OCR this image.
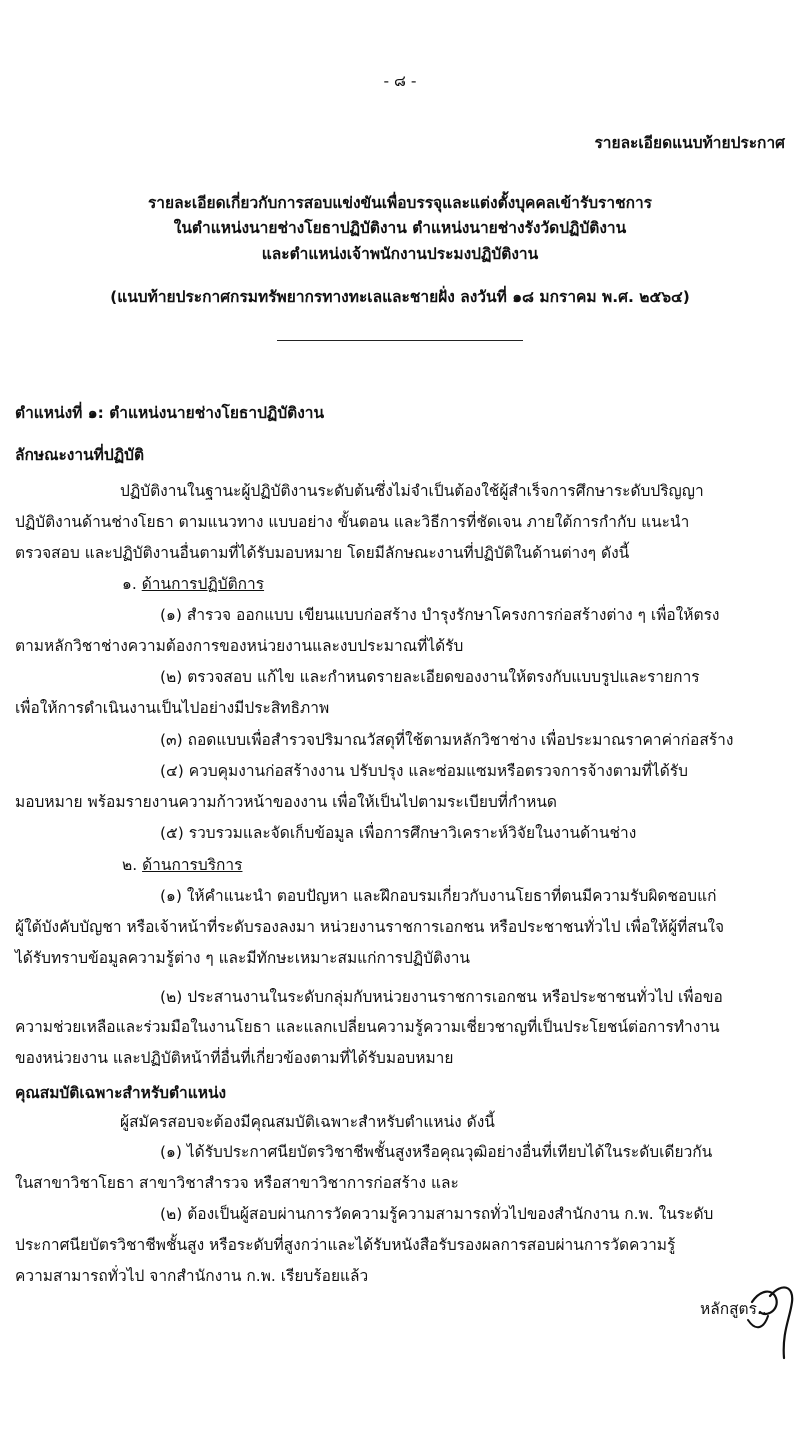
- ๘ -
รายละเอียดแนบท้ายประกาศ
รายละเอียดเกี่ยวกับการสอบแข่งขันเพื่อบรรจุและแต่งตั้งบุคคลเข้ารับราชการ
ในตำแหน่งนายช่างโยธาปฏิบัติงาน ตำแหน่งนายช่างรังวัดปฏิบัติงาน
และตำแหน่งเจ้าพนักงานประมงปฏิบัติงาน
(แนบท้ายประกาศกรมทรัพยากรทางทะเลและชายฝั่ง ลงวันที่ ๑๘ มกราคม พ.ศ. ๒๕๖๔)
ตำแหน่งที่ ๑: ตำแหน่งนายช่างโยธาปฏิบัติงาน
ลักษณะงานที่ปฏิบัติ
ปฏิบัติงานในฐานะผู้ปฏิบัติงานระดับต้นซึ่งไม่จำเป็นต้องใช้ผู้สำเร็จการศึกษาระดับปริญญา
ปฏิบัติงานด้านช่างโยธา ตามแนวทาง แบบอย่าง ขั้นตอน และวิธีการที่ชัดเจน ภายใต้การกำกับ แนะนำ
ตรวจสอบ และปฏิบัติงานอื่นตามที่ได้รับมอบหมาย โดยมีลักษณะงานที่ปฏิบัติในด้านต่างๆ ดังนี้
๑. ด้านการปฏิบัติการ
(๑) สำรวจ ออกแบบ เขียนแบบก่อสร้าง บำรุงรักษาโครงการก่อสร้างต่าง ๆ เพื่อให้ตรง
ตามหลักวิชาช่างความต้องการของหน่วยงานและงบประมาณที่ได้รับ
(๒) ตรวจสอบ แก้ไข และกำหนดรายละเอียดของงานให้ตรงกับแบบรูปและรายการ
เพื่อให้การดำเนินงานเป็นไปอย่างมีประสิทธิภาพ
(๓) ถอดแบบเพื่อสำรวจปริมาณวัสดุที่ใช้ตามหลักวิชาช่าง เพื่อประมาณราคาค่าก่อสร้าง
(๔) ควบคุมงานก่อสร้างงาน ปรับปรุง และซ่อมแซมหรือตรวจการจ้างตามที่ได้รับ
มอบหมาย พร้อมรายงานความก้าวหน้าของงาน เพื่อให้เป็นไปตามระเบียบที่กำหนด
(๕) รวบรวมและจัดเก็บข้อมูล เพื่อการศึกษาวิเคราะห์วิจัยในงานด้านช่าง
๒. ด้านการบริการ
(๑) ให้คำแนะนำ ตอบปัญหา และฝึกอบรมเกี่ยวกับงานโยธาที่ตนมีความรับผิดชอบแก่
ผู้ใต้บังคับบัญชา หรือเจ้าหน้าที่ระดับรองลงมา หน่วยงานราชการเอกชน หรือประชาชนทั่วไป เพื่อให้ผู้ที่สนใจ
ได้รับทราบข้อมูลความรู้ต่าง ๆ และมีทักษะเหมาะสมแก่การปฏิบัติงาน
(๒) ประสานงานในระดับกลุ่มกับหน่วยงานราชการเอกชน หรือประชาชนทั่วไป เพื่อขอ
ความช่วยเหลือและร่วมมือในงานโยธา และแลกเปลี่ยนความรู้ความเชี่ยวชาญที่เป็นประโยชน์ต่อการทำงาน
ของหน่วยงาน และปฏิบัติหน้าที่อื่นที่เกี่ยวข้องตามที่ได้รับมอบหมาย
คุณสมบัติเฉพาะสำหรับตำแหน่ง
ผู้สมัครสอบจะต้องมีคุณสมบัติเฉพาะสำหรับตำแหน่ง ดังนี้
(๑) ได้รับประกาศนียบัตรวิชาชีพชั้นสูงหรือคุณวุฒิอย่างอื่นที่เทียบได้ในระดับเดียวกัน
ในสาขาวิชาโยธา สาขาวิชาสำรวจ หรือสาขาวิชาการก่อสร้าง และ
(๒) ต้องเป็นผู้สอบผ่านการวัดความรู้ความสามารถทั่วไปของสำนักงาน ก.พ. ในระดับ
ประกาศนียบัตรวิชาชีพชั้นสูง หรือระดับที่สูงกว่าและได้รับหนังสือรับรองผลการสอบผ่านการวัดความรู้
ความสามารถทั่วไป จากสำนักงาน ก.พ. เรียบร้อยแล้ว
หลักสูตร...
